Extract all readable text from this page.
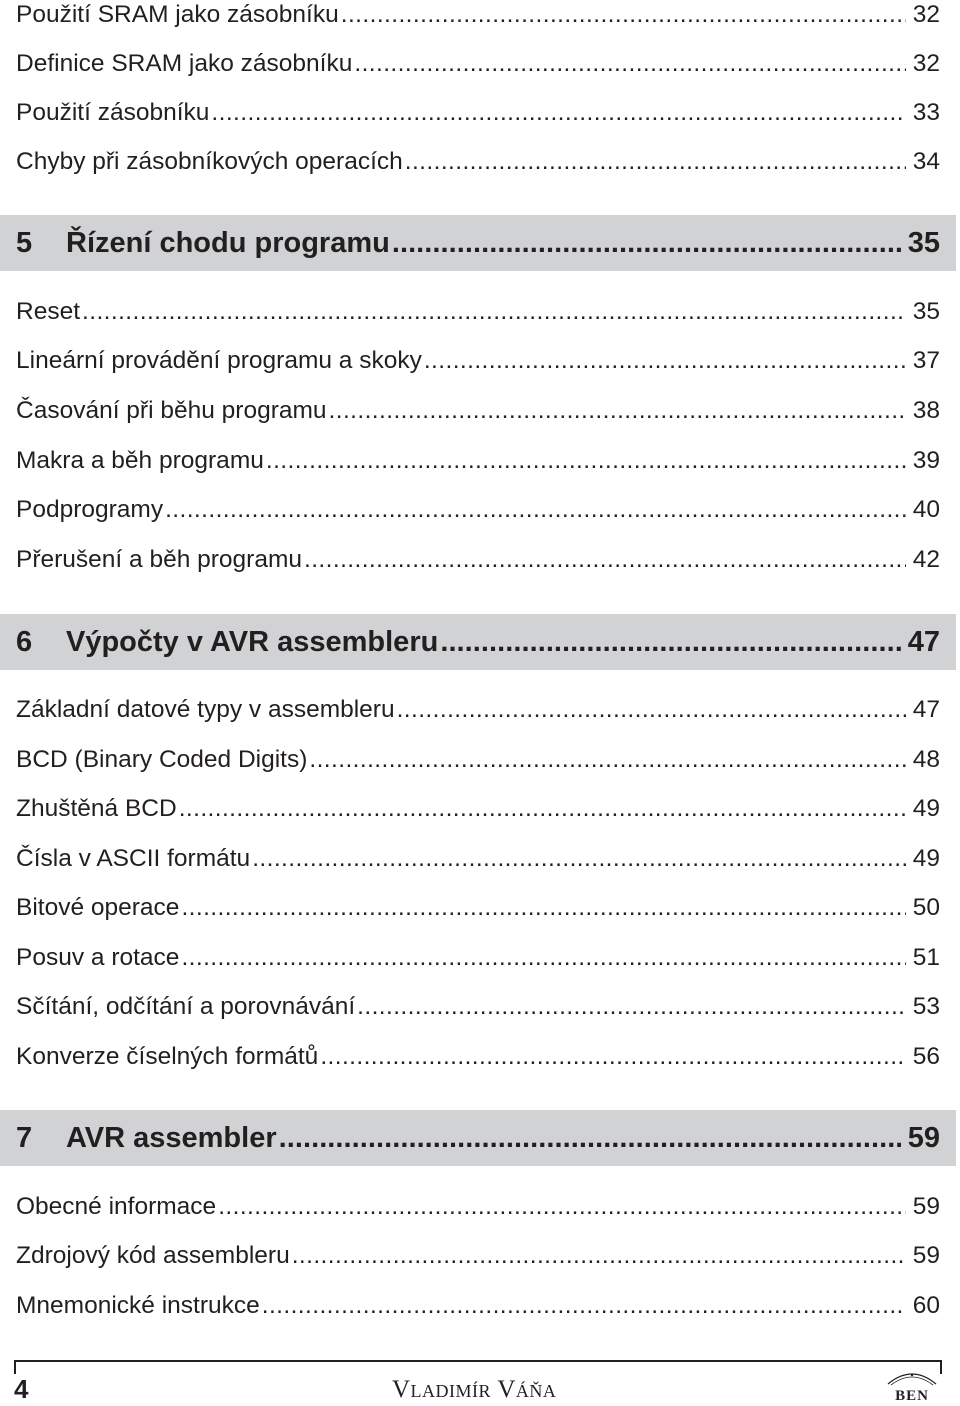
Použití SRAM jako zásobníku . . .	32
Definice SRAM jako zásobníku . . .	32
Použití zásobníku . . .	33
Chyby při zásobníkových operacích . . .	34
5	Řízení chodu programu . . .	35
Reset . . .	35
Lineární provádění programu a skoky . . .	37
Časování při běhu programu . . .	38
Makra a běh programu . . .	39
Podprogramy . . .	40
Přerušení a běh programu . . .	42
6	Výpočty v AVR assembleru . . .	47
Základní datové typy v assembleru . . .	47
BCD (Binary Coded Digits) . . .	48
Zhuštěná BCD . . .	49
Čísla v ASCII formátu . . .	49
Bitové operace . . .	50
Posuv a rotace . . .	51
Sčítání, odčítání a porovnávání . . .	53
Konverze číselných formátů . . .	56
7	AVR assembler . . .	59
Obecné informace . . .	59
Zdrojový kód assembleru . . .	59
Mnemonické instrukce . . .	60
4	Vladimír Váňa	BEN
